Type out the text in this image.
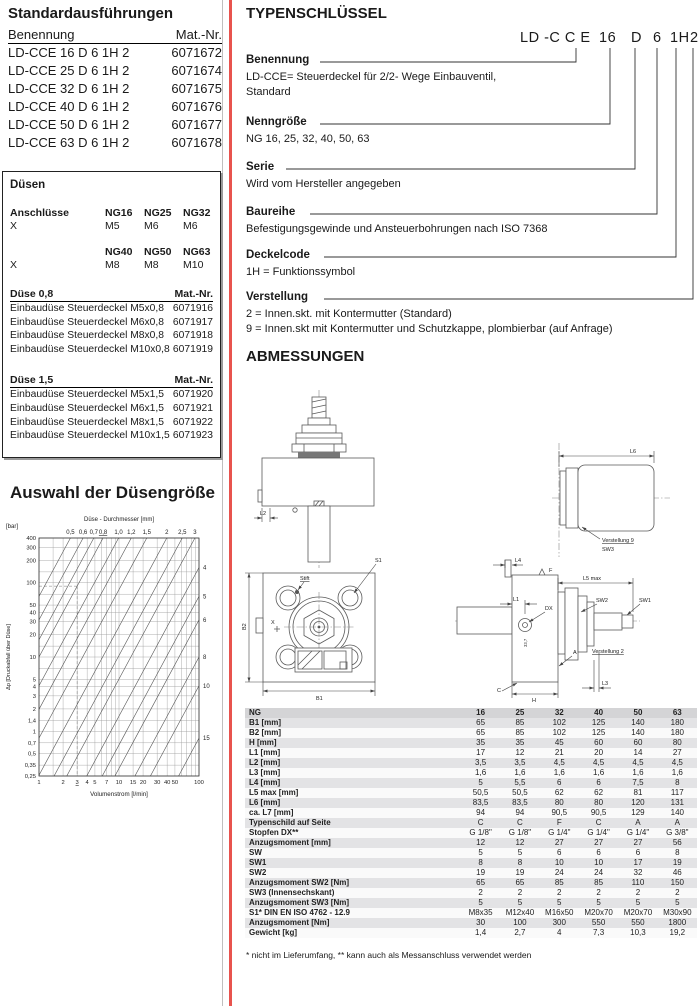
Standardausführungen
Benennung	Mat.-Nr.
LD-CCE 16 D 6 1H 2	6071672
LD-CCE 25 D 6 1H 2	6071674
LD-CCE 32 D 6 1H 2	6071675
LD-CCE 40 D 6 1H 2	6071676
LD-CCE 50 D 6 1H 2	6071677
LD-CCE 63 D 6 1H 2	6071678
Düsen
Anschlüsse	NG16	NG25	NG32
X	M5	M6	M6
NG40	NG50	NG63
X	M8	M8	M10
Düse 0,8	Mat.-Nr.
Einbaudüse Steuerdeckel M5x0,8 6071916
Einbaudüse Steuerdeckel M6x0,8 6071917
Einbaudüse Steuerdeckel M8x0,8 6071918
Einbaudüse Steuerdeckel M10x0,8 6071919
Düse 1,5	Mat.-Nr.
Einbaudüse Steuerdeckel M5x1,5 6071920
Einbaudüse Steuerdeckel M6x1,5 6071921
Einbaudüse Steuerdeckel M8x1,5 6071922
Einbaudüse Steuerdeckel M10x1,5 6071923
Auswahl der Düsengröße
0,5 0,6 0,7 0,8 1,0 1,2 1,5 2 2,5 3
Düse - Durchmesser [mm]
[bar]
400
300
200
100
50
40
30
20
10
5
4
3
2
1,4
1
0,7
0,5
0,35
0,25
1	2 3 4 5 7 10 15 20 30 40 50	100
4
5
6
8
10
15
Volumenstrom [l/min]
Δp [Druckabfall über Düse]
TYPENSCHLÜSSEL
LD -C C E 16 D 6 1H 2
Benennung
LD-CCE= Steuerdeckel für 2/2- Wege Einbauventil,
Standard
Nenngröße
NG 16, 25, 32, 40, 50, 63
Serie
Wird vom Hersteller angegeben
Baureihe
Befestigungsgewinde und Ansteuerbohrungen nach ISO 7368
Deckelcode
1H = Funktionssymbol
Verstellung
2 = Innen.skt. mit Kontermutter (Standard)
9 = Innen.skt mit Kontermutter und Schutzkappe, plombierbar (auf Anfrage)
ABMESSUNGEN
L2
L6
Verstellung 9
SW3
Stift
S1
X
B2
B1
L4
F
L1
DX
33,7
L5 max
SW2	SW1
A	Verstellung 2
L3
H
C
NG	16	25	32	40	50	63
B1 [mm]	65	85	102	125	140	180
B2 [mm]	65	85	102	125	140	180
H [mm]	35	35	45	60	60	80
L1 [mm]	17	12	21	20	14	27
L2 [mm]	3,5	3,5	4,5	4,5	4,5	4,5
L3 [mm]	1,6	1,6	1,6	1,6	1,6	1,6
L4 [mm]	5	5,5	6	6	7,5	8
L5 max [mm]	50,5	50,5	62	62	81	117
L6 [mm]	83,5	83,5	80	80	120	131
ca. L7 [mm]	94	94	90,5	90,5	129	140
Typenschild auf Seite	C	C	F	C	A	A
Stopfen DX**	G 1/8"	G 1/8"	G 1/4"	G 1/4"	G 1/4"	G 3/8"
Anzugsmoment [mm]	12	12	27	27	27	56
SW	5	5	6	6	6	8
SW1	8	8	10	10	17	19
SW2	19	19	24	24	32	46
Anzugsmoment SW2 [Nm]	65	65	85	85	110	150
SW3 (Innensechskant)	2	2	2	2	2	2
Anzugsmoment SW3 [Nm]	5	5	5	5	5	5
S1* DIN EN ISO 4762 - 12.9	M8x35	M12x40	M16x50	M20x70	M20x70	M30x90
Anzugsmoment [Nm]	30	100	300	550	550	1800
Gewicht [kg]	1,4	2,7	4	7,3	10,3	19,2
* nicht im Lieferumfang, ** kann auch als Messanschluss verwendet werden
